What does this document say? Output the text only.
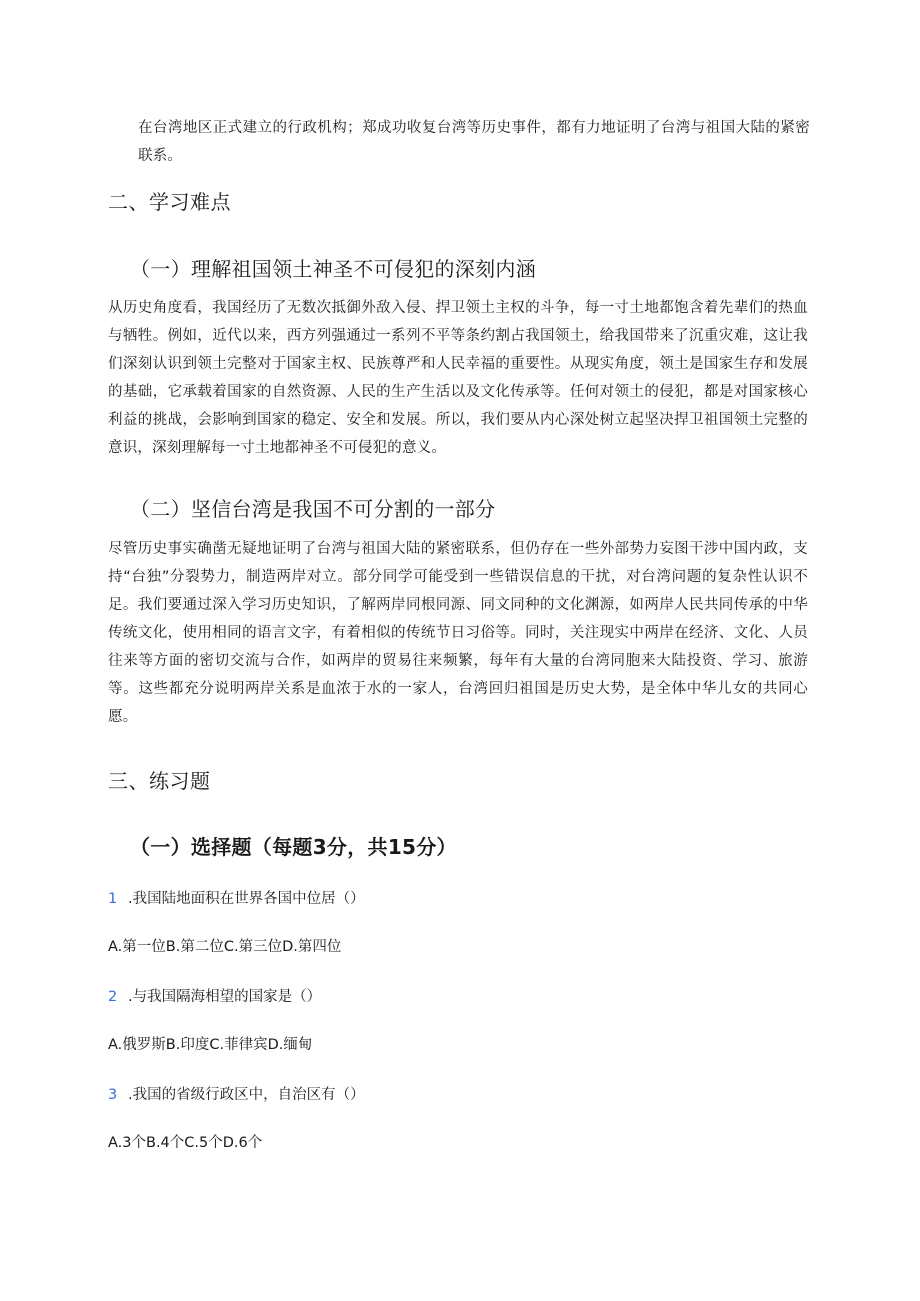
在台湾地区正式建立的行政机构；郑成功收复台湾等历史事件，都有力地证明了台湾与祖国大陆的紧密联系。

二、学习难点
（一）理解祖国领土神圣不可侵犯的深刻内涵

从历史角度看，我国经历了无数次抵御外敌入侵、捍卫领土主权的斗争，每一寸土地都饱含着先辈们的热血与牺牲。例如，近代以来，西方列强通过一系列不平等条约割占我国领土，给我国带来了沉重灾难，这让我们深刻认识到领土完整对于国家主权、民族尊严和人民幸福的重要性。从现实角度，领土是国家生存和发展的基础，它承载着国家的自然资源、人民的生产生活以及文化传承等。任何对领土的侵犯，都是对国家核心利益的挑战，会影响到国家的稳定、安全和发展。所以，我们要从内心深处树立起坚决捍卫祖国领土完整的意识，深刻理解每一寸土地都神圣不可侵犯的意义。

（二）坚信台湾是我国不可分割的一部分

尽管历史事实确凿无疑地证明了台湾与祖国大陆的紧密联系，但仍存在一些外部势力妄图干涉中国内政，支持“台独”分裂势力，制造两岸对立。部分同学可能受到一些错误信息的干扰，对台湾问题的复杂性认识不足。我们要通过深入学习历史知识，了解两岸同根同源、同文同种的文化渊源，如两岸人民共同传承的中华传统文化，使用相同的语言文字，有着相似的传统节日习俗等。同时，关注现实中两岸在经济、文化、人员往来等方面的密切交流与合作，如两岸的贸易往来频繁，每年有大量的台湾同胞来大陆投资、学习、旅游等。这些都充分说明两岸关系是血浓于水的一家人，台湾回归祖国是历史大势，是全体中华儿女的共同心愿。

三、练习题
（一）选择题（每题3分，共15分）

1 .我国陆地面积在世界各国中位居（）

A.第一位B.第二位C.第三位D.第四位

2 .与我国隔海相望的国家是（）

A.俄罗斯B.印度C.菲律宾D.缅甸

3 .我国的省级行政区中，自治区有（）

A.3个B.4个C.5个D.6个
